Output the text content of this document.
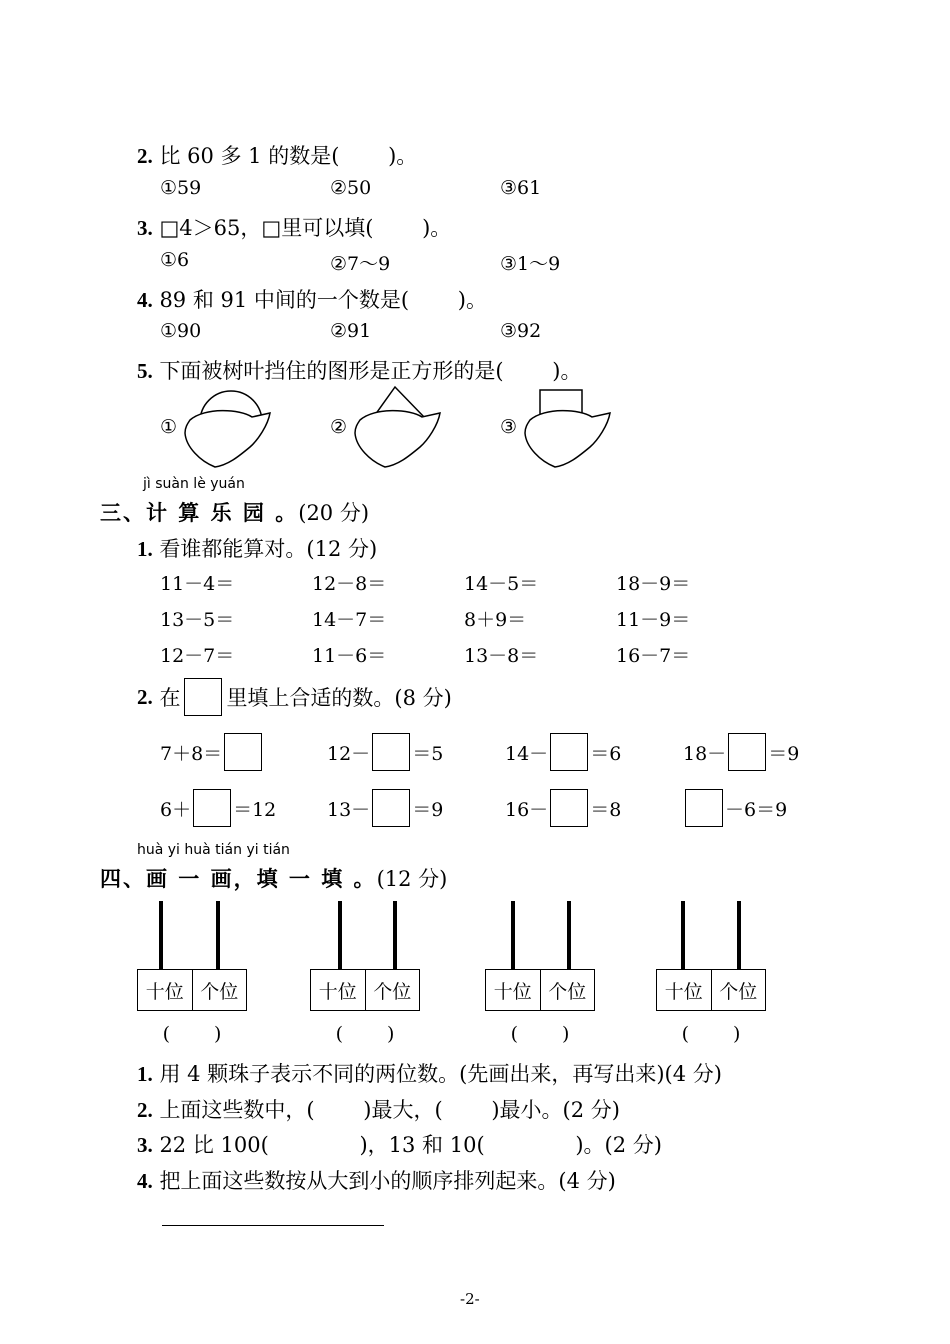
2. 比 60 多 1 的数是(　　 )。
①59	②50	③61
3. □4＞65，□里可以填(　　 )。
①6	②7～9	③1～9
4. 89 和 91 中间的一个数是(　　 )。
①90	②91	③92
5. 下面被树叶挡住的图形是正方形的是(　　 )。
①	②	③
jì suàn lè yuán
三、计 算 乐 园 。(20 分)
1. 看谁都能算对。(12 分)
11－4＝	12－8＝	14－5＝	18－9＝
13－5＝	14－7＝	8＋9＝	11－9＝
12－7＝	11－6＝	13－8＝	16－7＝
2.
在 里填上合适的数。(8 分)
7＋8＝	12－ ＝5	14－ ＝6	18－ ＝9
6＋ ＝12	13－ ＝9	16－ ＝8	－6＝9
huà yi huà tián yi tián
四、画 一 画，填 一 填 。(12 分)
十位 个位
(　　 )
十位 个位
(　　 )
十位 个位
(　　 )
十位 个位
(　　 )
1. 用 4 颗珠子表示不同的两位数。(先画出来，再写出来)(4 分)
2. 上面这些数中，(　　 )最大，(　　 )最小。(2 分)
3. 22 比 100(　　　　 )，13 和 10(　　　　 )。(2 分)
4. 把上面这些数按从大到小的顺序排列起来。(4 分)
-2-
